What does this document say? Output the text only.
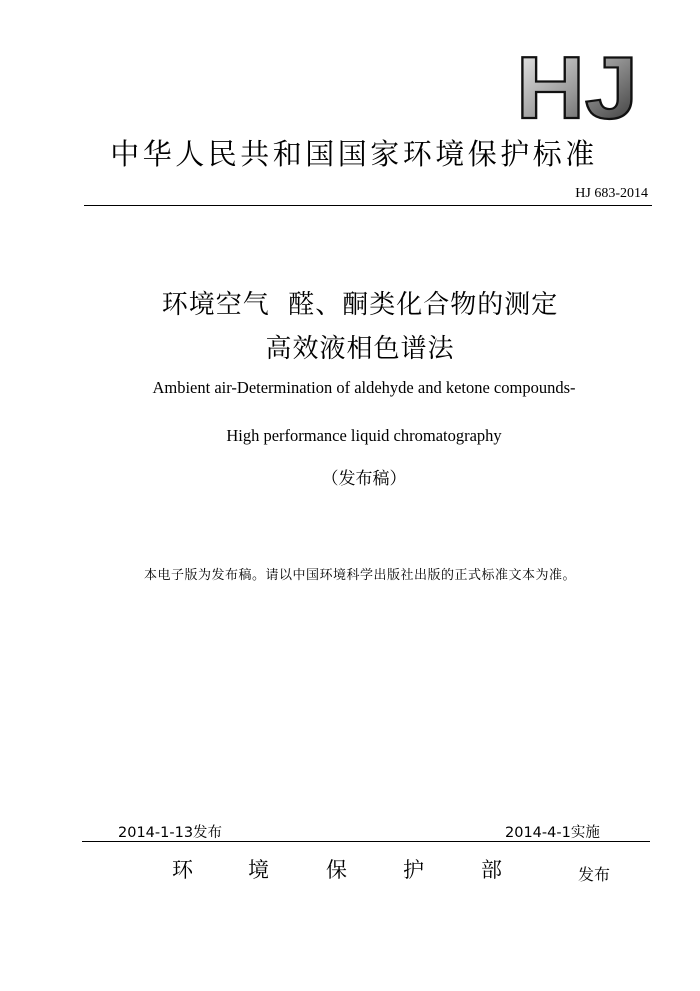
HJ
中华人民共和国国家环境保护标准
HJ 683-2014
环境空气  醛、酮类化合物的测定
高效液相色谱法
Ambient air-Determination of aldehyde and ketone compounds-
High performance liquid chromatography
（发布稿）
本电子版为发布稿。请以中国环境科学出版社出版的正式标准文本为准。
2014-1-13发布	2014-4-1实施
环	境	保	护	部	发布
